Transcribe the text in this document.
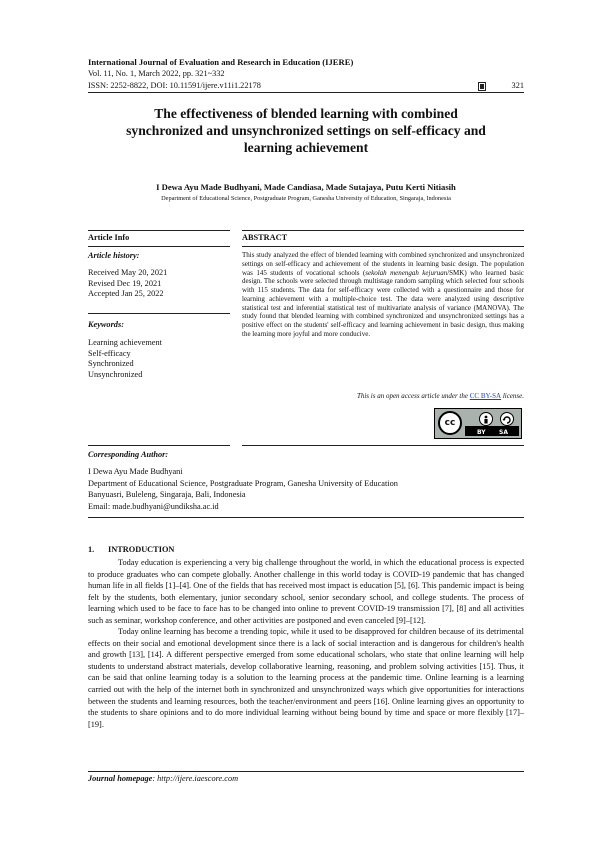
International Journal of Evaluation and Research in Education (IJERE)
Vol. 11, No. 1, March 2022, pp. 321~332
ISSN: 2252-8822, DOI: 10.11591/ijere.v11i1.22178	321
The effectiveness of blended learning with combined
synchronized and unsynchronized settings on self-efficacy and
learning achievement
I Dewa Ayu Made Budhyani, Made Candiasa, Made Sutajaya, Putu Kerti Nitiasih
Department of Educational Science, Postgraduate Program, Ganesha University of Education, Singaraja, Indonesia
Article Info
Article history:
Received May 20, 2021
Revised Dec 19, 2021
Accepted Jan 25, 2022
Keywords:
Learning achievement
Self-efficacy
Synchronized
Unsynchronized
ABSTRACT
This study analyzed the effect of blended learning with combined synchronized and unsynchronized settings on self-efficacy and achievement of the students in learning basic design. The population was 145 students of vocational schools (sekolah menengah kejuruan/SMK) who learned basic design. The schools were selected through multistage random sampling which selected four schools with 115 students. The data for self-efficacy were collected with a questionnaire and those for learning achievement with a multiple-choice test. The data were analyzed using descriptive statistical test and inferential statistical test of multivariate analysis of variance (MANOVA). The study found that blended learning with combined synchronized and unsynchronized settings has a positive effect on the students' self-efficacy and learning achievement in basic design, thus making the learning more joyful and more conducive.
This is an open access article under the CC BY-SA license.
cc
BY SA
Corresponding Author:
I Dewa Ayu Made Budhyani
Department of Educational Science, Postgraduate Program, Ganesha University of Education
Banyuasri, Buleleng, Singaraja, Bali, Indonesia
Email: made.budhyani@undiksha.ac.id
1. INTRODUCTION

Today education is experiencing a very big challenge throughout the world, in which the educational process is expected to produce graduates who can compete globally. Another challenge in this world today is COVID-19 pandemic that has changed human life in all fields [1]–[4]. One of the fields that has received most impact is education [5], [6]. This pandemic impact is being felt by the students, both elementary, junior secondary school, senior secondary school, and college students. The process of learning which used to be face to face has to be changed into online to prevent COVID-19 transmission [7], [8] and all activities such as seminar, workshop conference, and other activities are postponed and even canceled [9]–[12].

Today online learning has become a trending topic, while it used to be disapproved for children because of its detrimental effects on their social and emotional development since there is a lack of social interaction and is dangerous for children's health and growth [13], [14]. A different perspective emerged from some educational scholars, who state that online learning will help students to understand abstract materials, develop collaborative learning, reasoning, and problem solving activities [15]. Thus, it can be said that online learning today is a solution to the learning process at the pandemic time. Online learning is a learning carried out with the help of the internet both in synchronized and unsynchronized ways which give opportunities for interactions between the students and learning resources, both the teacher/environment and peers [16]. Online learning gives an opportunity to the students to share opinions and to do more individual learning without being bound by time and space or more flexibly [17]–[19].

Journal homepage: http://ijere.iaescore.com
